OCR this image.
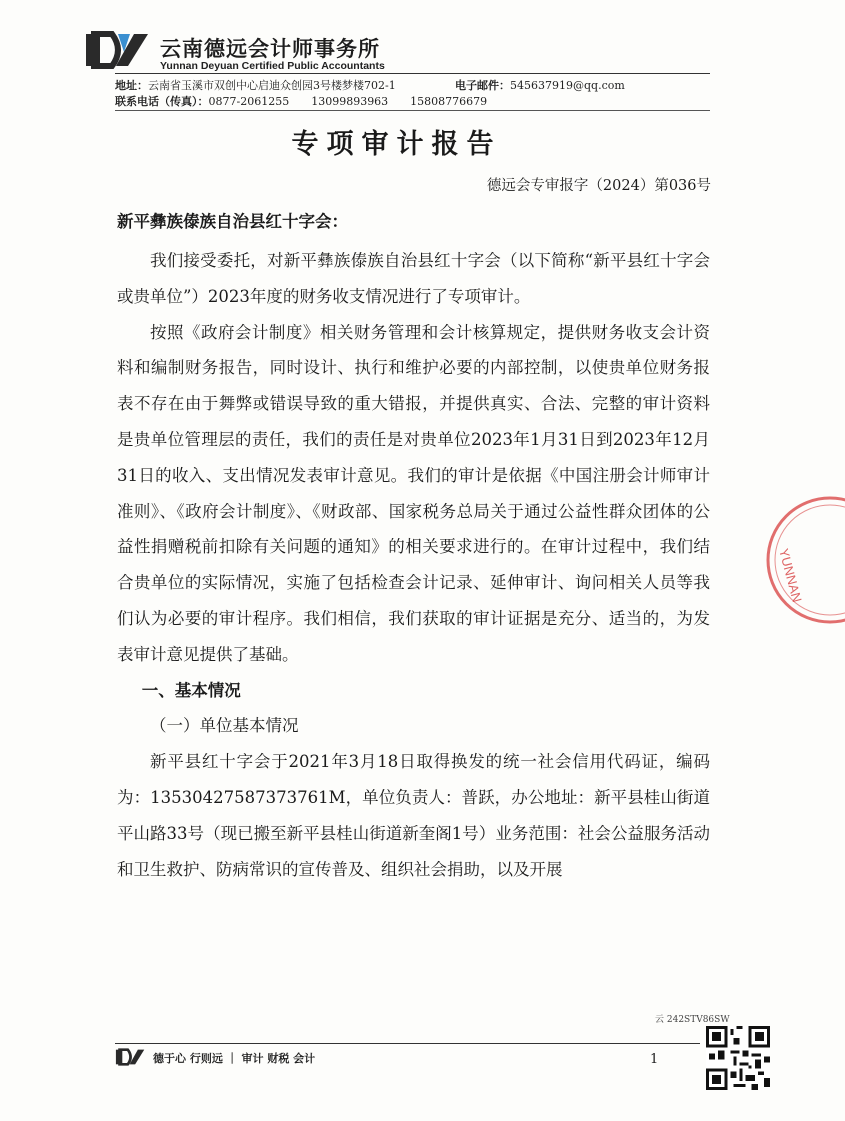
云南德远会计师事务所
Yunnan Deyuan Certified Public Accountants
地址：云南省玉溪市双创中心启迪众创园3号楼梦楼702-1	电子邮件：545637919@qq.com
联系电话（传真）：0877-2061255　　13099893963　　15808776679
专项审计报告
德远会专审报字（2024）第036号
新平彝族傣族自治县红十字会：

我们接受委托，对新平彝族傣族自治县红十字会（以下简称“新平县红十字会或贵单位”）2023年度的财务收支情况进行了专项审计。

按照《政府会计制度》相关财务管理和会计核算规定，提供财务收支会计资料和编制财务报告，同时设计、执行和维护必要的内部控制，以使贵单位财务报表不存在由于舞弊或错误导致的重大错报，并提供真实、合法、完整的审计资料是贵单位管理层的责任，我们的责任是对贵单位2023年1月31日到2023年12月31日的收入、支出情况发表审计意见。我们的审计是依据《中国注册会计师审计准则》、《政府会计制度》、《财政部、国家税务总局关于通过公益性群众团体的公益性捐赠税前扣除有关问题的通知》的相关要求进行的。在审计过程中，我们结合贵单位的实际情况，实施了包括检查会计记录、延伸审计、询问相关人员等我们认为必要的审计程序。我们相信，我们获取的审计证据是充分、适当的，为发表审计意见提供了基础。

一、基本情况

（一）单位基本情况

新平县红十字会于2021年3月18日取得换发的统一社会信用代码证，编码为：13530427587373761M，单位负责人：普跃，办公地址：新平县桂山街道平山路33号（现已搬至新平县桂山街道新奎阁1号）业务范围：社会公益服务活动和卫生救护、防病常识的宣传普及、组织社会捐助，以及开展

YUNNAN
云 242STV86SW
德于心 行则远 ｜ 审计 财税 会计	1
